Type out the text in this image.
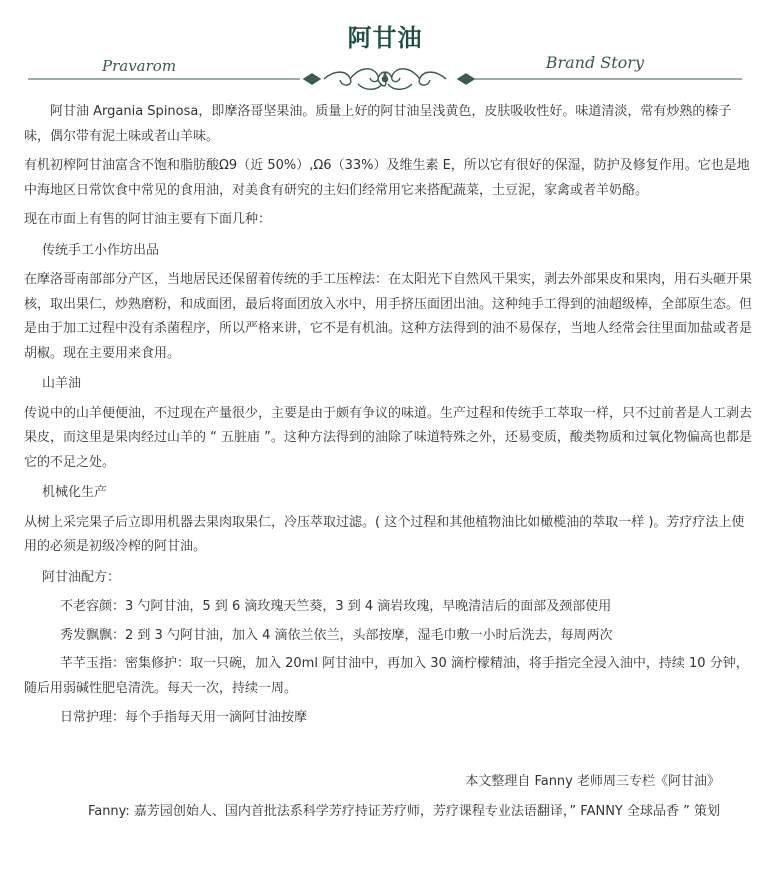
阿甘油
Pravarom	Brand Story

阿甘油 Argania Spinosa，即摩洛哥坚果油。质量上好的阿甘油呈浅黄色，皮肤吸收性好。味道清淡，常有炒熟的榛子味，偶尔带有泥土味或者山羊味。

有机初榨阿甘油富含不饱和脂肪酸Ω9（近 50%）,Ω6（33%）及维生素 E，所以它有很好的保湿，防护及修复作用。它也是地中海地区日常饮食中常见的食用油，对美食有研究的主妇们经常用它来搭配蔬菜，土豆泥，家禽或者羊奶酪。

现在市面上有售的阿甘油主要有下面几种：

传统手工小作坊出品

在摩洛哥南部部分产区，当地居民还保留着传统的手工压榨法：在太阳光下自然风干果实，剥去外部果皮和果肉，用石头砸开果核，取出果仁，炒熟磨粉，和成面团，最后将面团放入水中，用手挤压面团出油。这种纯手工得到的油超级棒，全部原生态。但是由于加工过程中没有杀菌程序，所以严格来讲，它不是有机油。这种方法得到的油不易保存，当地人经常会往里面加盐或者是胡椒。现在主要用来食用。

山羊油

传说中的山羊便便油，不过现在产量很少，主要是由于颇有争议的味道。生产过程和传统手工萃取一样，只不过前者是人工剥去果皮，而这里是果肉经过山羊的 “ 五脏庙 ”。这种方法得到的油除了味道特殊之外，还易变质，酸类物质和过氧化物偏高也都是它的不足之处。

机械化生产

从树上采完果子后立即用机器去果肉取果仁，冷压萃取过滤。( 这个过程和其他植物油比如橄榄油的萃取一样 )。芳疗疗法上使用的必须是初级冷榨的阿甘油。

阿甘油配方：

不老容颜：3 勺阿甘油，5 到 6 滴玫瑰天竺葵，3 到 4 滴岩玫瑰，早晚清洁后的面部及颈部使用

秀发飘飘：2 到 3 勺阿甘油，加入 4 滴依兰依兰，头部按摩，湿毛巾敷一小时后洗去，每周两次

芊芊玉指：密集修护：取一只碗，加入 20ml 阿甘油中，再加入 30 滴柠檬精油，将手指完全浸入油中，持续 10 分钟，随后用弱碱性肥皂清洗。每天一次，持续一周。

日常护理：每个手指每天用一滴阿甘油按摩

本文整理自 Fanny 老师周三专栏《阿甘油》
Fanny: 嘉芳园创始人、国内首批法系科学芳疗持证芳疗师，芳疗课程专业法语翻译，” FANNY 全球品香 ” 策划
